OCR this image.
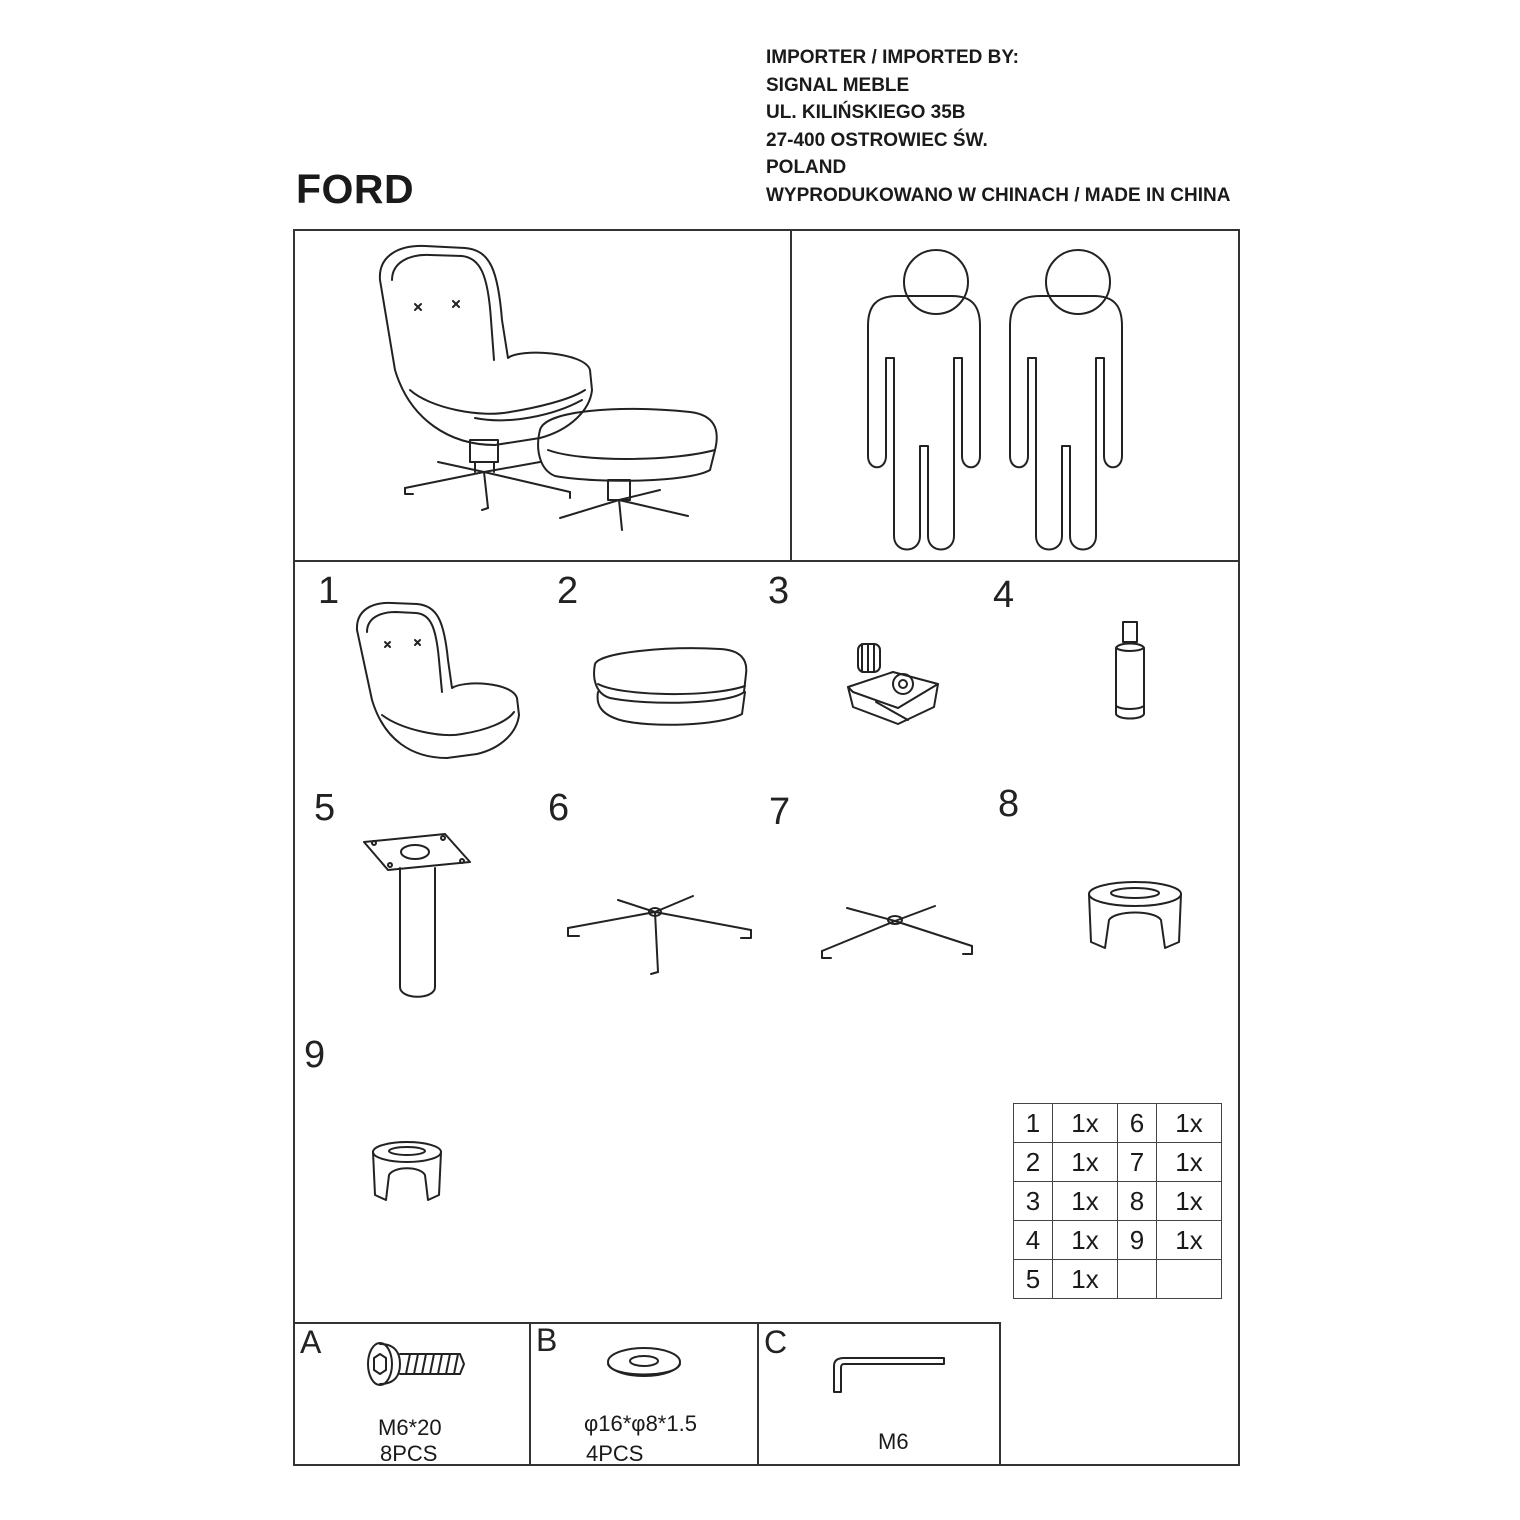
FORD
IMPORTER / IMPORTED BY:
SIGNAL MEBLE
UL. KILIŃSKIEGO 35B
27-400 OSTROWIEC ŚW.
POLAND
WYPRODUKOWANO W CHINACH / MADE IN CHINA
1	2	3	4
5	6	7	8
9
1	1x	6	1x
2	1x	7	1x
3	1x	8	1x
4	1x	9	1x
5	1x		
A	B	C
M6*20
8PCS
φ16*φ8*1.5
4PCS	M6
